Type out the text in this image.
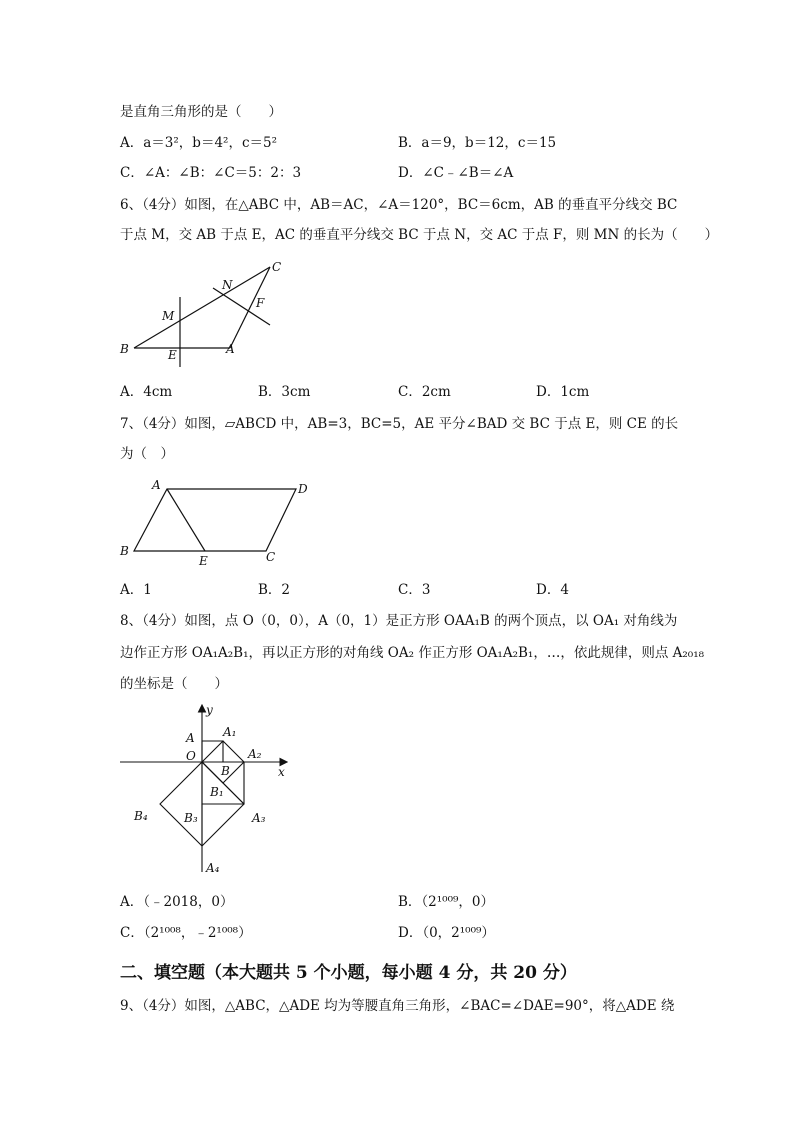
是直角三角形的是（　　）
A．a＝3²，b＝4²，c＝5²	B．a＝9，b＝12，c＝15
C．∠A：∠B：∠C＝5：2：3	D．∠C﹣∠B＝∠A
6、（4分）如图，在△ABC 中，AB＝AC，∠A＝120°，BC＝6cm，AB 的垂直平分线交 BC
于点 M，交 AB 于点 E，AC 的垂直平分线交 BC 于点 N，交 AC 于点 F，则 MN 的长为（　　）
C
N
F
M
B	E	A
A．4cm	B．3cm	C．2cm	D．1cm
7、（4分）如图，▱ABCD 中，AB=3，BC=5，AE 平分∠BAD 交 BC 于点 E，则 CE 的长
为（　）
A	D
B
E	C
A．1	B．2	C．3	D．4
8、（4分）如图，点 O（0，0），A（0，1）是正方形 OAA₁B 的两个顶点，以 OA₁ 对角线为
边作正方形 OA₁A₂B₁，再以正方形的对角线 OA₂ 作正方形 OA₁A₂B₁，…，依此规律，则点 A₂₀₁₈
的坐标是（　　）
y
x
A A₁
O	A₂
B
B₁
B₄	B₃	A₃
A₄
A．（﹣2018，0）	B．（2¹⁰⁰⁹，0）
C．（2¹⁰⁰⁸，﹣2¹⁰⁰⁸）	D．（0，2¹⁰⁰⁹）
二、填空题（本大题共 5 个小题，每小题 4 分，共 20 分）
9、（4分）如图，△ABC，△ADE 均为等腰直角三角形，∠BAC=∠DAE=90°，将△ADE 绕
